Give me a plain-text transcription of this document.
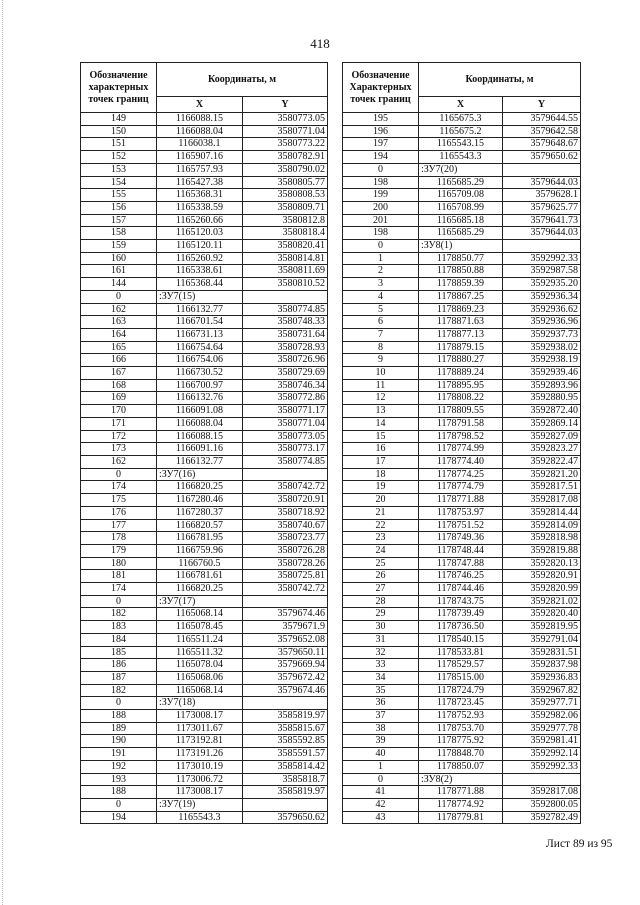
418
Обозначение характерных точек границ	Координаты, м	
	X	Y
149	1166088.15	3580773.05
150	1166088.04	3580771.04
151	1166038.1	3580773.22
152	1165907.16	3580782.91
153	1165757.93	3580790.02
154	1165427.38	3580805.77
155	1165368.31	3580808.53
156	1165338.59	3580809.71
157	1165260.66	3580812.8
158	1165120.03	3580818.4
159	1165120.11	3580820.41
160	1165260.92	3580814.81
161	1165338.61	3580811.69
144	1165368.44	3580810.52
0	:ЗУ7(15)	
162	1166132.77	3580774.85
163	1166701.54	3580748.33
164	1166731.13	3580731.64
165	1166754.64	3580728.93
166	1166754.06	3580726.96
167	1166730.52	3580729.69
168	1166700.97	3580746.34
169	1166132.76	3580772.86
170	1166091.08	3580771.17
171	1166088.04	3580771.04
172	1166088.15	3580773.05
173	1166091.16	3580773.17
162	1166132.77	3580774.85
0	:ЗУ7(16)	
174	1166820.25	3580742.72
175	1167280.46	3580720.91
176	1167280.37	3580718.92
177	1166820.57	3580740.67
178	1166781.95	3580723.77
179	1166759.96	3580726.28
180	1166760.5	3580728.26
181	1166781.61	3580725.81
174	1166820.25	3580742.72
0	:ЗУ7(17)	
182	1165068.14	3579674.46
183	1165078.45	3579671.9
184	1165511.24	3579652.08
185	1165511.32	3579650.11
186	1165078.04	3579669.94
187	1165068.06	3579672.42
182	1165068.14	3579674.46
0	:ЗУ7(18)	
188	1173008.17	3585819.97
189	1173011.67	3585815.67
190	1173192.81	3585592.85
191	1173191.26	3585591.57
192	1173010.19	3585814.42
193	1173006.72	3585818.7
188	1173008.17	3585819.97
0	:ЗУ7(19)	
194	1165543.3	3579650.62
Обозначение Характерных точек границ	Координаты, м	
	X	Y
195	1165675.3	3579644.55
196	1165675.2	3579642.58
197	1165543.15	3579648.67
194	1165543.3	3579650.62
0	:ЗУ7(20)	
198	1165685.29	3579644.03
199	1165709.08	3579628.1
200	1165708.99	3579625.77
201	1165685.18	3579641.73
198	1165685.29	3579644.03
0	:ЗУ8(1)	
1	1178850.77	3592992.33
2	1178850.88	3592987.58
3	1178859.39	3592935.20
4	1178867.25	3592936.34
5	1178869.23	3592936.62
6	1178871.63	3592936.96
7	1178877.13	3592937.73
8	1178879.15	3592938.02
9	1178880.27	3592938.19
10	1178889.24	3592939.46
11	1178895.95	3592893.96
12	1178808.22	3592880.95
13	1178809.55	3592872.40
14	1178791.58	3592869.14
15	1178798.52	3592827.09
16	1178774.99	3592823.27
17	1178774.40	3592822.47
18	1178774.25	3592821.20
19	1178774.79	3592817.51
20	1178771.88	3592817.08
21	1178753.97	3592814.44
22	1178751.52	3592814.09
23	1178749.36	3592818.98
24	1178748.44	3592819.88
25	1178747.88	3592820.13
26	1178746.25	3592820.91
27	1178744.46	3592820.99
28	1178743.75	3592821.02
29	1178739.49	3592820.40
30	1178736.50	3592819.95
31	1178540.15	3592791.04
32	1178533.81	3592831.51
33	1178529.57	3592837.98
34	1178515.00	3592936.83
35	1178724.79	3592967.82
36	1178723.45	3592977.71
37	1178752.93	3592982.06
38	1178753.70	3592977.78
39	1178775.92	3592981.41
40	1178848.70	3592992.14
1	1178850.07	3592992.33
0	:ЗУ8(2)	
41	1178771.88	3592817.08
42	1178774.92	3592800.05
43	1178779.81	3592782.49
Лист 89 из 95
